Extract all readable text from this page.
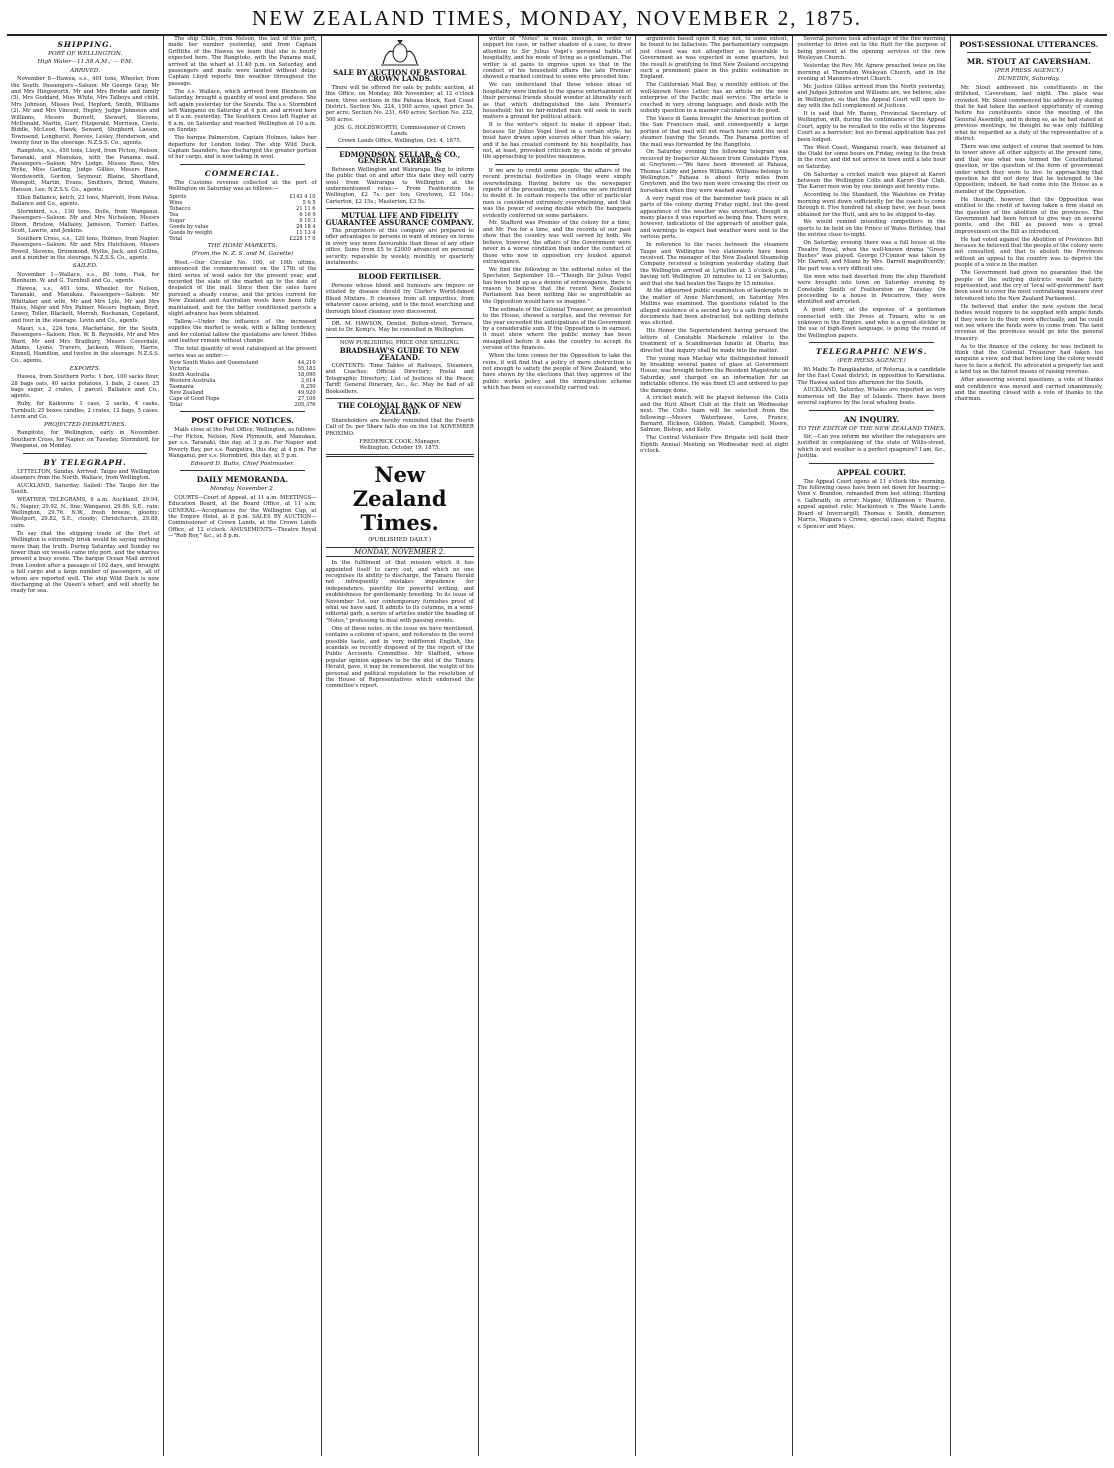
NEW ZEALAND TIMES, MONDAY, NOVEMBER 2, 1875.
SHIPPING.
PORT OF WELLINGTON.
High Water—11.58 A.M.; — P.M.
ARRIVED.

November 8—Hawea, s.s., 401 tons, Wheeler, from the South. Passengers—Saloon: Mr George Gray, Mr and Mrs Hingsworth, Mr and Mrs Brodie and family (5), Mrs Goddard, Miss White, Mrs Talboys and child, Mrs Johnson, Misses Peel, Hepford, Smith, Williams (2). Mr and Mrs Vincent, Hepley, Judge Johnston and Williams, Messrs Burnett, Stewart, Stevens, McDonald, Martin, Gurr, Fitzgerald, Morrison, Coote, Biddle, McLeod, Hawk, Seward, Shepherd, Lasson, Townsend, Longhurst, Reeves, Lesley, Henderson, and twenty four in the steerage. N.Z.S.S. Co., agents.

Rangitoto, s.s., 450 tons, Lloyd, from Picton, Nelson, Taranaki, and Manukau, with the Panama mail. Passengers—Saloon: Mrs Lodge, Misses Rees, Mrs Wylie, Miss Garling, Judge Gillies, Messrs Rees, Wordsworth, Gordon, Seymour, Blaine, Shortland, Weingott, Martin, Evans, Smithers, Brind, Waters, Hanson, Lee. N.Z.S.S. Co., agents.

Ellen Ballance, ketch, 23 tons, Marriott, from Patea. Ballance and Co., agents.

Stormbird, s.s., 130 tons, Doile, from Wanganui. Passengers—Saloon: Mr and Mrs Nicholson, Messrs Dixon, Bristow, Mallaley, Jameson, Turner, Earles, Scott, Lawrie, and Jenkins.

Southern Cross, s.s., 120 tons, Holmes, from Napier. Passengers—Saloon: Mr and Mrs Hutchison, Messrs Powell, Stevens, Drummond, Wyllie, Jack, and Collins, and a number in the steerage. N.Z.S.S. Co., agents.

SAILED.

November 1—Wallace, s.s., 80 tons, Fisk, for Blenheim. W. and G. Turnbull and Co., agents.

Hawea, s.s., 401 tons, Wheeler, for Nelson, Taranaki, and Manukau. Passengers—Saloon: Mr Whittaker and wife, Mr and Mrs Lyle, Mr and Mrs Hales, Major and Mrs Palmer, Messrs Ingham, Boyd, Lewey, Toller, Blackett, Morrah, Buchanan, Copeland, and four in the steerage. Levin and Co., agents.

Maori, s.s., 224 tons, Macfarlane, for the South. Passengers—Saloon: Hon. W. B. Reynolds, Mr and Mrs Ward, Mr and Mrs Bradbury, Messrs Coverdale, Adams, Lyons, Travers, Jackson, Wilson, Harris, Kinnell, Hamilton, and twelve in the steerage. N.Z.S.S. Co., agents.

EXPORTS.

Hawea, from Southern Ports: 1 box, 100 sacks flour, 28 bags oats, 40 sacks potatoes, 1 bale, 2 cases, 25 bags sugar, 2 crates, 1 parcel. Ballance and Co., agents.

Ruby, for Kaikoura: 1 case, 2 sacks, 4 casks, Turnbull; 25 boxes candles, 2 crates, 12 bags, 5 cases. Levin and Co.

PROJECTED DEPARTURES.

Rangitoto, for Wellington, early in November. Southern Cross, for Napier, on Tuesday. Stormbird, for Wanganui, on Monday.

BY TELEGRAPH.

LYTTELTON, Sunday. Arrived: Taupo and Wellington steamers from the North. Wallace, from Wellington.

AUCKLAND, Saturday. Sailed: The Taupo for the South.

WEATHER TELEGRAMS, 9 a.m. Auckland, 29.94, N.; Napier, 29.92, N., fine; Wanganui, 29.86, S.E., rain; Wellington, 29.76, N.W., fresh breeze, gloomy; Westport, 29.82, S.E., cloudy; Christchurch, 29.88, calm.

To say that the shipping trade of the Port of Wellington is extremely brisk would be saying nothing more than the truth. During Saturday and Sunday no fewer than six vessels came into port, and the wharves present a busy scene. The barque Ocean Mail arrived from London after a passage of 102 days, and brought a full cargo and a large number of passengers, all of whom are reported well. The ship Wild Duck is now discharging at the Queen's wharf, and will shortly be ready for sea.

The ship Chile, from Nelson, the last of this port, made her number yesterday, and from Captain Griffiths of the Hawea we learn that she is hourly expected here. The Rangitoto, with the Panama mail, arrived at the wharf at 11.40 p.m. on Saturday, and passengers and mails were landed without delay. Captain Lloyd reports fine weather throughout the passage.

The s.s. Wallace, which arrived from Blenheim on Saturday, brought a quantity of wool and produce. She left again yesterday for the Sounds. The s.s. Stormbird left Wanganui on Saturday at 4 p.m. and arrived here at 8 a.m. yesterday. The Southern Cross left Napier at 6 a.m. on Saturday and reached Wellington at 10 a.m. on Sunday.

The barque Palmerston, Captain Holmes, takes her departure for London today. The ship Wild Duck, Captain Saunders, has discharged the greater portion of her cargo, and is now taking in wool.

COMMERCIAL.

The Customs revenue collected at the port of Wellington on Saturday was as follows:—

Spirits	£143 4 10
Wine	5 6 5
Tobacco	21 11 6
Tea	6 16 9
Sugar	9 10 3
Goods by value	24 18 4
Goods by weight	11 13 4
Total	£228 17 0
THE HOME MARKETS.
(From the N. Z. S. and M. Gazette)

Wool.—Our Circular No. 100, of 10th ultimo, announced the commencement on the 17th of the third series of wool sales for the present year, and recorded the state of the market up to the date of despatch of the mail. Since then the sales have pursued a steady course, and the prices current for New Zealand and Australian wools have been fully maintained, and for the better conditioned parcels a slight advance has been obtained.

Tallow.—Under the influence of the increased supplies the market is weak, with a falling tendency, and for colonial tallow the quotations are lower. Hides and leather remain without change.

The total quantity of wool catalogued at the present series was as under:—

New South Wales and Queensland	44,210
Victoria	55,183
South Australia	18,090
Western Australia	2,614
Tasmania	8,250
New Zealand	49,920
Cape of Good Hope	27,109
Total	205,376
POST OFFICE NOTICES.

Mails close at the Post Office, Wellington, as follows:—For Picton, Nelson, New Plymouth, and Manukau, per s.s. Taranaki, this day, at 3 p.m. For Napier and Poverty Bay, per s.s. Rangatira, this day, at 4 p.m. For Wanganui, per s.s. Stormbird, this day, at 5 p.m.

Edward D. Butts, Chief Postmaster.
DAILY MEMORANDA.
Monday, November 2.

COURTS—Court of Appeal, at 11 a.m. MEETINGS—Education Board, at the Board Office, at 11 a.m. GENERAL—Acceptances for the Wellington Cup, at the Empire Hotel, at 8 p.m. SALES BY AUCTION—Commissioner of Crown Lands, at the Crown Lands Office, at 12 o'clock. AMUSEMENTS—Theatre Royal—"Rob Roy," &c., at 8 p.m.

SALE BY AUCTION OF PASTORAL CROWN LANDS.

There will be offered for sale by public auction, at this Office, on Monday, 8th November, at 12 o'clock noon, three sections in the Pahaua block, East Coast District. Section No. 224, 1500 acres, upset price 5s. per acre; Section No. 231, 640 acres; Section No. 232, 500 acres.

JOS. G. HOLDSWORTH, Commissioner of Crown Lands.
Crown Lands Office, Wellington, Oct. 4, 1875.
EDMONDSON, SELLAR, & CO., GENERAL CARRIERS

Between Wellington and Wairarapa. Beg to inform the public that on and after this date they will carry wool from Wairarapa to Wellington at the undermentioned rates:— From Featherston to Wellington, £2 7s. per ton; Greytown, £2 10s.; Carterton, £2 15s.; Masterton, £3 5s.

MUTUAL LIFE AND FIDELITY GUARANTEE ASSURANCE COMPANY.

The proprietors of this company are prepared to offer advantages to persons in want of money on terms in every way more favourable than those of any other office. Sums from £5 to £2000 advanced on personal security, repayable by weekly, monthly, or quarterly instalments.

BLOOD FERTILISER.

Persons whose blood and humours are impure or vitiated by disease should try Clarke's World-famed Blood Mixture. It cleanses from all impurities, from whatever cause arising, and is the most searching and thorough blood cleanser ever discovered.

DR. M. HAWSON, Dentist, Bolton-street, Terrace, next to Dr. Kemp's. May be consulted in Wellington.

NOW PUBLISHING, PRICE ONE SHILLING.
BRADSHAW'S GUIDE TO NEW ZEALAND.

CONTENTS: Time Tables of Railways, Steamers, and Coaches; Official Directory; Postal and Telegraphic Directory; List of Justices of the Peace; Tariff; General Itinerary, &c., &c. May be had of all Booksellers.

THE COLONIAL BANK OF NEW ZEALAND.

Shareholders are hereby reminded that the Fourth Call of 5s. per Share falls due on the 1st NOVEMBER PROXIMO.

FREDERICK COOK, Manager.
Wellington, October 19, 1875.
New Zealand Times.
(PUBLISHED DAILY.)
MONDAY, NOVEMBER 2.

In the fulfilment of that mission which it has appointed itself to carry out, and which no one recognises its ability to discharge, the Timaru Herald not infrequently mistakes impudence for independence, puerility for powerful writing, and snobbishness for gentlemanly breeding. In its issue of November 1st, our contemporary furnishes proof of what we have said. It admits to its columns, in a semi-editorial garb, a series of articles under the heading of "Notes," professing to deal with passing events.

One of these notes, in the issue we have mentioned, contains a column of space, and reiterates in the worst possible taste, and in very indifferent English, the scandals so recently disposed of by the report of the Public Accounts Committee. Mr Stafford, whose popular opinion appears to be the idol of the Timaru Herald, gave, it may be remembered, the weight of his personal and political reputation to the resolution of the House of Representatives which endorsed the committee's report.

writer of "Notes" is mean enough, in order to support his case, or rather shadow of a case, to draw attention to Sir Julius Vogel's personal habits of hospitality, and his mode of living as a gentleman. The writer is at pains to impress upon us that in the conduct of his household affairs the late Premier showed a marked contrast to some who preceded him.

We can understand that those whose ideas of hospitality were limited to the sparse entertainment of their personal friends should wonder at liberality such as that which distinguished the late Premier's household; but no fair-minded man will seek in such matters a ground for political attack.

It is the writer's object to make it appear that, because Sir Julius Vogel lived in a certain style, he must have drawn upon sources other than his salary; and if he has created comment by his hospitality, has not, at least, provoked criticism by a mode of private life approaching to positive meanness.

If we are to credit some people, the affairs of the recent provincial festivities in Otago were simply overwhelming. Having before us the newspaper reports of the proceedings, we confess we are inclined to doubt it. In certain respects the offer of particular men is considered extremely overwhelming, and that was the power of seeing double which the banquets evidently conferred on some partakers.

Mr. Stafford was Premier of the colony for a time, and Mr. Fox for a time, and the records of our past show that the country was well served by both. We believe, however, the affairs of the Government were never in a worse condition than under the conduct of those who now in opposition cry loudest against extravagance.

We find the following in the editorial notes of the Spectator, September 18:—"Though Sir Julius Vogel has been held up as a demon of extravagance, there is reason to believe that the recent New Zealand Parliament has been nothing like so unprofitable as the Opposition would have us imagine."

The estimate of the Colonial Treasurer, as presented to the House, showed a surplus, and the revenue for the year exceeded the anticipations of the Government by a considerable sum. If the Opposition is in earnest, it must show where the public money has been misapplied before it asks the country to accept its version of the finances.

When the time comes for the Opposition to take the reins, it will find that a policy of mere obstruction is not enough to satisfy the people of New Zealand, who have shown by the elections that they approve of the public works policy and the immigration scheme which has been so successfully carried out.

arguments based upon it may not, to some extent, be found to be fallacious. The parliamentary campaign just closed was not altogether so favourable to Government as was expected in some quarters, but the result is gratifying to find New Zealand occupying such a prominent place in the public estimation in England.

The Californian Mail Bay, a monthly edition of the well-known News Letter, has an article on the new enterprise of the Pacific mail service. The article is couched in very strong language, and deals with the subsidy question in a manner calculated to do good.

The Vasco di Gama brought the American portion of the San Francisco mail, and consequently a large portion of that mail will not reach here until the next steamer leaving the Sounds. The Panama portion of the mail was forwarded by the Rangitoto.

On Saturday evening the following telegram was received by Inspector Atcheson from Constable Flynn, at Greytown:—"We have been drowned at Pahaua, Thomas Liddy and James Williams. Williams belongs to Wellington." Pahaua is about forty miles from Greytown, and the two men were crossing the river on horseback when they were washed away.

A very rapid rise of the barometer took place in all parts of the colony during Friday night, but the good appearance of the weather was uncertain, though in many places it was reported as being fine. There were, however, indications of the approach of another gale, and warnings to expect bad weather were sent to the various ports.

In reference to the races between the steamers Taupo and Wellington two statements have been received. The manager of the New Zealand Steamship Company received a telegram yesterday stating that the Wellington arrived at Lyttelton at 3 o'clock p.m., having left Wellington 20 minutes to 12 on Saturday, and that she had beaten the Taupo by 15 minutes.

At the adjourned public examination of bankrupts in the matter of Anne Marchmont, on Saturday Mrs Mullins was examined. The questions related to the alleged existence of a second key to a safe from which documents had been abstracted, but nothing definite was elicited.

His Honor the Superintendent having perused the letters of Constable Mackenzie relative to the treatment of a Scandinavian lunatic at Ohariu, has directed that inquiry shall be made into the matter.

The young man Mackay who distinguished himself by breaking several panes of glass at Government House, was brought before the Resident Magistrate on Saturday, and charged on an information for an indictable offence. He was fined £5 and ordered to pay the damage done.

A cricket match will be played between the Colts and the Hutt Albert Club at the Hutt on Wednesday next. The Colts team will be selected from the following:—Messrs Waterhouse, Love, France, Barnard, Hickson, Gibbon, Walsh, Campbell, Moore, Salmon, Bishop, and Kelly.

The Central Volunteer Fire Brigade will hold their Eighth Annual Meeting on Wednesday next at eight o'clock.

Several persons took advantage of the fine morning yesterday to drive out to the Hutt for the purpose of being present at the opening services of the new Wesleyan Church.

Yesterday the Rev. Mr. Agnew preached twice on the morning at Thorndon Wesleyan Church, and in the evening at Manners-street Church.

Mr. Justice Gillies arrived from the North yesterday, and Judges Johnston and Williams are, we believe, also in Wellington, so that the Appeal Court will open to-day with the full complement of Justices.

It is said that Mr. Bunny, Provincial Secretary of Wellington, will, during the continuance of the Appeal Court, apply to be recalled to the rolls of the Supreme Court as a barrister; but no formal application has yet been lodged.

The West Coast, Wanganui coach, was detained at the Otaki for some hours on Friday, owing to the fresh in the river, and did not arrive in town until a late hour on Saturday.

On Saturday a cricket match was played at Karori between the Wellington Colts and Karori Star Club. The Karori men won by one innings and twenty runs.

According to the Standard, the Waiohine on Friday morning went down sufficiently for the coach to come through it. Five hundred fat sheep have, we hear, been obtained for the Hutt, and are to be shipped to-day.

We would remind intending competitors in the sports to be held on the Prince of Wales Birthday, that the entries close to-night.

On Saturday evening there was a full house at the Theatre Royal, when the well-known drama "Green Bushes" was played. George O'Connor was taken by Mr. Darrell, and Miami by Mrs. Darrell magnificently; the part was a very difficult one.

Six men who had deserted from the ship Harefield were brought into town on Saturday evening by Constable Smith of Featherston on Tuesday. On proceeding to a house in Pencarrow, they were identified and arrested.

A good story, at the expense of a gentleman connected with the Press at Timaru, who is an unknown in the Empire, and who is a great stickler in the use of high-flown language, is going the round of the Wellington papers.

TELEGRAPHIC NEWS.
(PER PRESS AGENCY.)

Wi Maihi Te Rangikaheke, of Rotorua, is a candidate for the East Coast district, in opposition to Karaitiana. The Hawea sailed this afternoon for the South.

AUCKLAND, Saturday. Whales are reported as very numerous off the Bay of Islands. There have been several captures by the local whaling boats.

AN INQUIRY.
TO THE EDITOR OF THE NEW ZEALAND TIMES.

Sir,—Can you inform me whether the ratepayers are justified in complaining of the state of Willis-street, which in wet weather is a perfect quagmire? I am, &c., Justitia.

APPEAL COURT.

The Appeal Court opens at 11 o'clock this morning. The following cases have been set down for hearing:—Venn v. Brandon, remanded from last sitting; Harding v. Galbraith, in error; Napier, Williamson v. Pearce, appeal against rule; Mackintosh v. The Waste Lands Board of Invercargill; Thomas v. Smith, demurrer; Marris, Waipara v. Crowe, special case, stated; Regina v. Spencer and Mayo.

POST-SESSIONAL UTTERANCES.
MR. STOUT AT CAVERSHAM.
(PER PRESS AGENCY.)
DUNEDIN, Saturday.

Mr. Stout addressed his constituents in the drillshed, Caversham, last night. The place was crowded. Mr. Stout commenced his address by stating that he had taken the earliest opportunity of coming before his constituents since the meeting of the General Assembly, and in doing so, as he had stated at previous meetings, he thought he was only fulfilling what he regarded as a duty of the representative of a district.

There was one subject of course that seemed to him to tower above all other subjects at the present time, and that was what was termed the Constitutional question, or the question of the form of government under which they were to live. In approaching that question he did not deny that he belonged to the Opposition; indeed, he had come into the House as a member of the Opposition.

He thought, however, that the Opposition was entitled to the credit of having taken a firm stand on the question of the abolition of the provinces. The Government had been forced to give way on several points, and the Bill as passed was a great improvement on the Bill as introduced.

He had voted against the Abolition of Provinces Bill because he believed that the people of the colony were not consulted, and that to abolish the Provinces without an appeal to the country was to deprive the people of a voice in the matter.

The Government had given no guarantee that the people of the outlying districts would be fairly represented, and the cry of 'local self-government' had been used to cover the most centralising measure ever introduced into the New Zealand Parliament.

He believed that under the new system the local bodies would require to be supplied with ample funds if they were to do their work effectually, and he could not see where the funds were to come from. The land revenue of the provinces would go into the general treasury.

As to the finance of the colony, he was inclined to think that the Colonial Treasurer had taken too sanguine a view, and that before long the colony would have to face a deficit. He advocated a property tax and a land tax as the fairest means of raising revenue.

After answering several questions, a vote of thanks and confidence was moved and carried unanimously, and the meeting closed with a vote of thanks to the chairman.
